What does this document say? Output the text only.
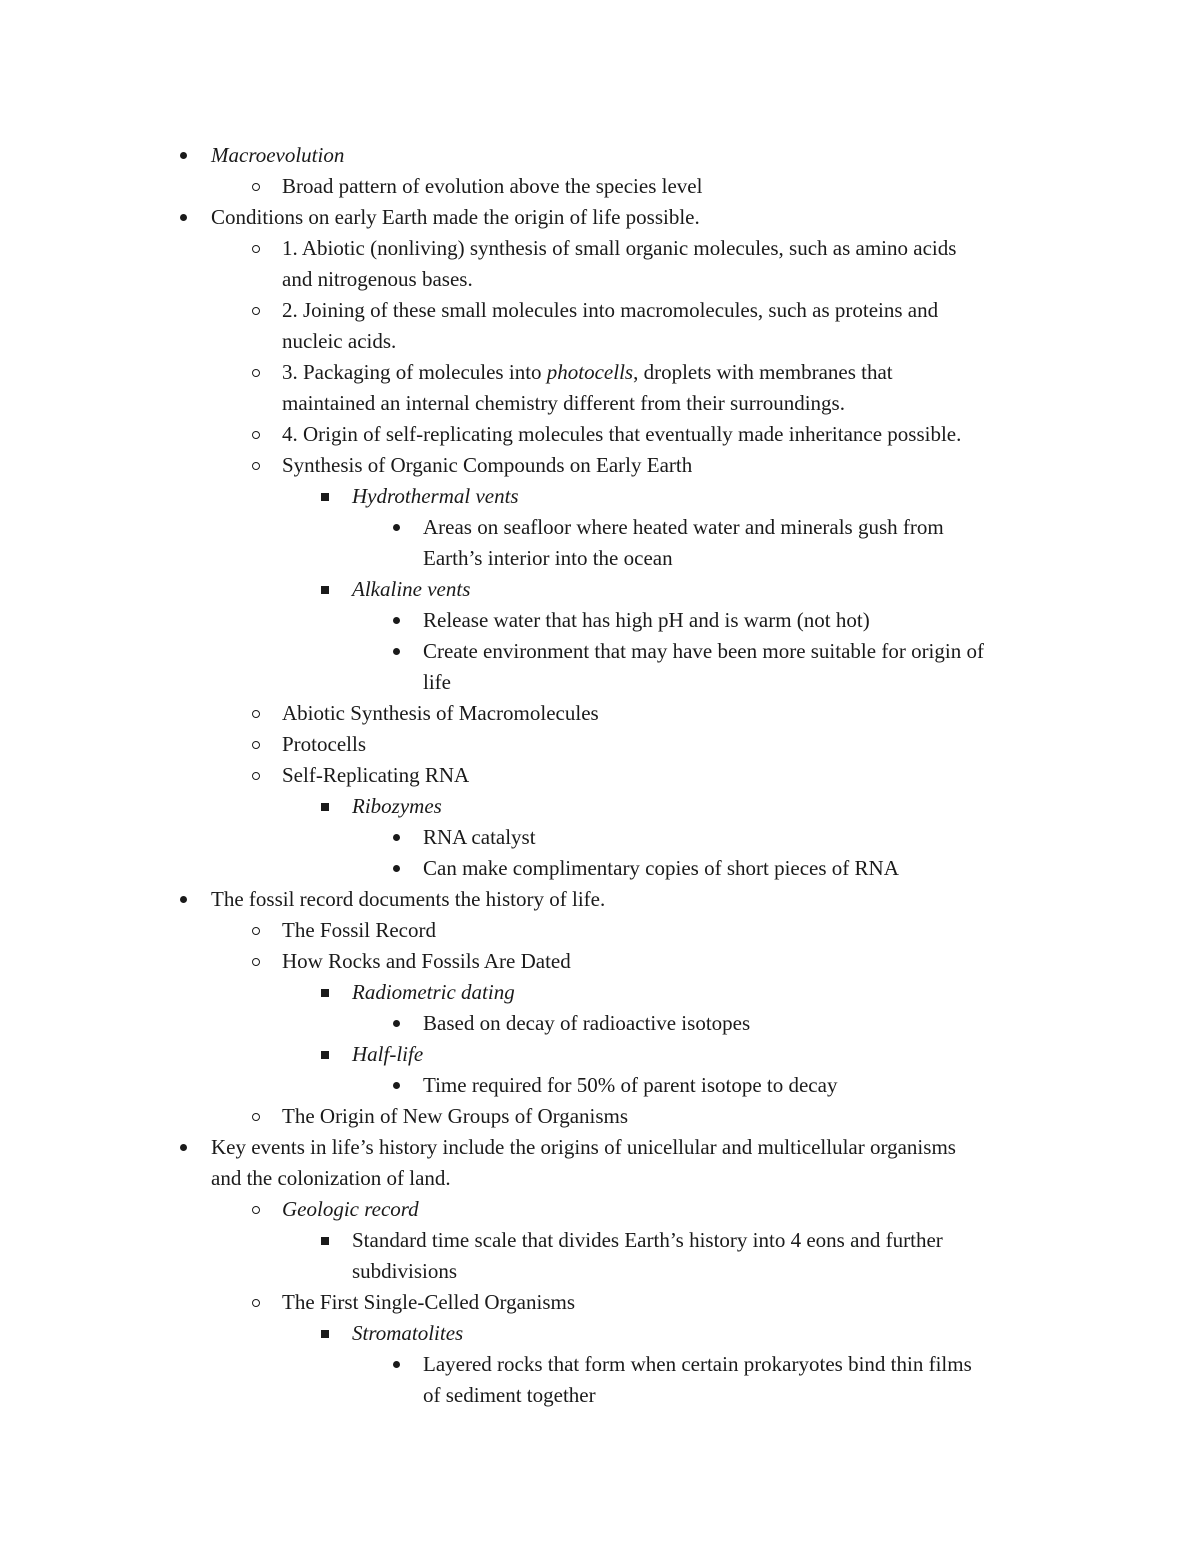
Macroevolution
Broad pattern of evolution above the species level
Conditions on early Earth made the origin of life possible.
1. Abiotic (nonliving) synthesis of small organic molecules, such as amino acids
and nitrogenous bases.
2. Joining of these small molecules into macromolecules, such as proteins and
nucleic acids.
3. Packaging of molecules into photocells, droplets with membranes that
maintained an internal chemistry different from their surroundings.
4. Origin of self-replicating molecules that eventually made inheritance possible.
Synthesis of Organic Compounds on Early Earth
Hydrothermal vents
Areas on seafloor where heated water and minerals gush from
Earth’s interior into the ocean
Alkaline vents
Release water that has high pH and is warm (not hot)
Create environment that may have been more suitable for origin of
life
Abiotic Synthesis of Macromolecules
Protocells
Self-Replicating RNA
Ribozymes
RNA catalyst
Can make complimentary copies of short pieces of RNA
The fossil record documents the history of life.
The Fossil Record
How Rocks and Fossils Are Dated
Radiometric dating
Based on decay of radioactive isotopes
Half-life
Time required for 50% of parent isotope to decay
The Origin of New Groups of Organisms
Key events in life’s history include the origins of unicellular and multicellular organisms
and the colonization of land.
Geologic record
Standard time scale that divides Earth’s history into 4 eons and further
subdivisions
The First Single-Celled Organisms
Stromatolites
Layered rocks that form when certain prokaryotes bind thin films
of sediment together
